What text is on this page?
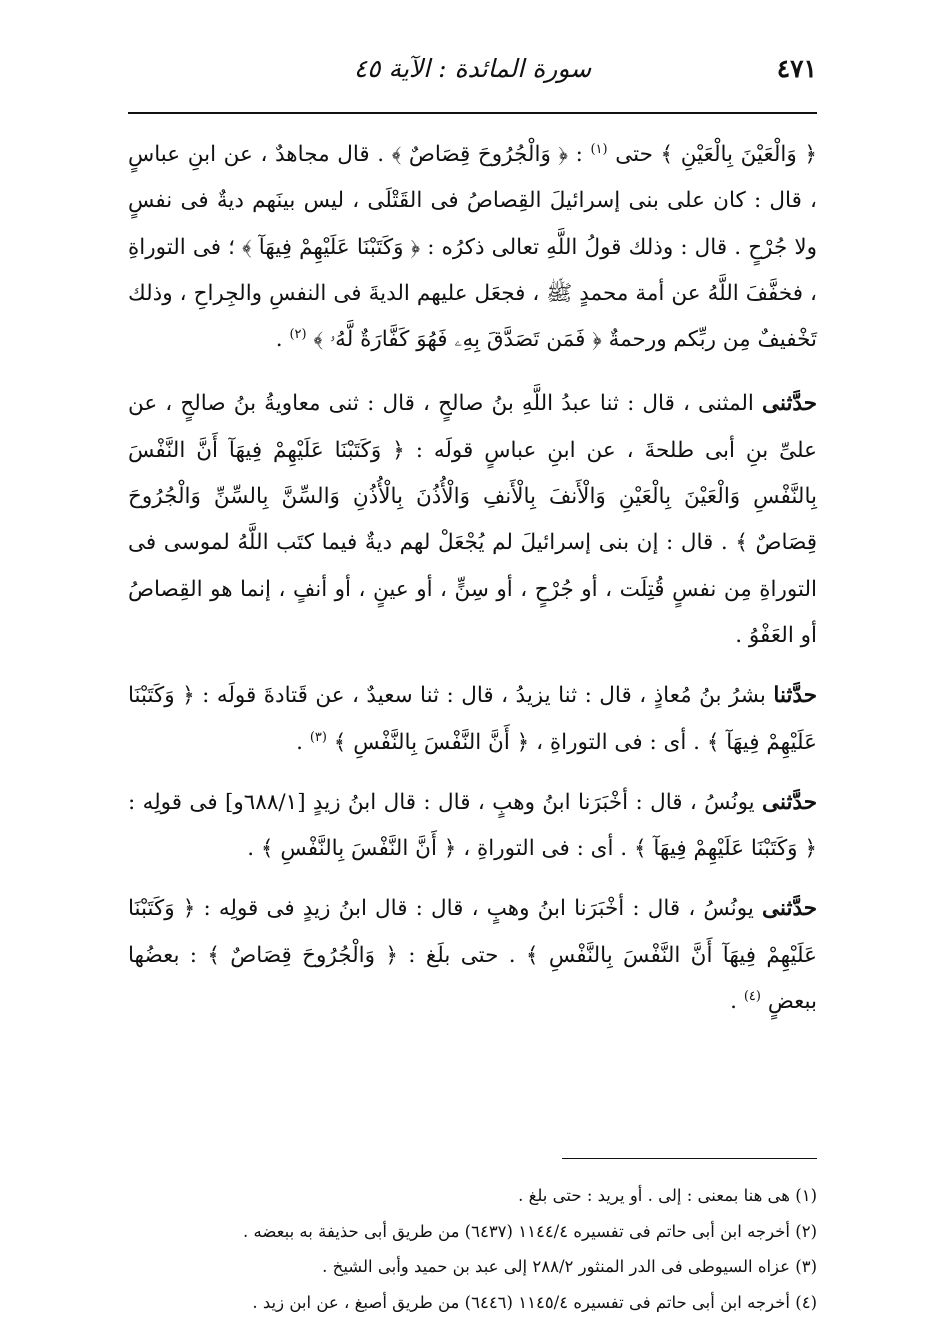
٤٧١
سورة المائدة : الآية ٤٥

﴿ وَالْعَيْنَ بِالْعَيْنِ ﴾ حتى $^{(١)}$ : ﴿ وَالْجُرُوحَ قِصَاصٌ ﴾ . قال مجاهدٌ ، عن ابنِ عباسٍ ، قال : كان على بنى إسرائيلَ القِصاصُ فى القَتْلَى ، ليس بينَهم ديةٌ فى نفسٍ ولا جُرْحٍ . قال : وذلك قولُ اللَّهِ تعالى ذكرُه : ﴿ وَكَتَبْنَا عَلَيْهِمْ فِيهَآ ﴾ ؛ فى التوراةِ ، فخفَّفَ اللَّهُ عن أمة محمدٍ ﷺ ، فجعَل عليهم الديةَ فى النفسِ والجِراحِ ، وذلك تَخْفيفٌ مِن ربِّكم ورحمةٌ ﴿ فَمَن تَصَدَّقَ بِهِۦ فَهُوَ كَفَّارَةٌ لَّهُۥ ﴾ $^{(٢)}$ .

حدَّثنى المثنى ، قال : ثنا عبدُ اللَّهِ بنُ صالحٍ ، قال : ثنى معاويةُ بنُ صالحٍ ، عن علىِّ بنِ أبى طلحةَ ، عن ابنِ عباسٍ قولَه : ﴿ وَكَتَبْنَا عَلَيْهِمْ فِيهَآ أَنَّ النَّفْسَ بِالنَّفْسِ وَالْعَيْنَ بِالْعَيْنِ وَالْأَنفَ بِالْأَنفِ وَالْأُذُنَ بِالْأُذُنِ وَالسِّنَّ بِالسِّنِّ وَالْجُرُوحَ قِصَاصٌ ﴾ . قال : إن بنى إسرائيلَ لم يُجْعَلْ لهم ديةٌ فيما كتَب اللَّهُ لموسى فى التوراةِ مِن نفسٍ قُتِلَت ، أو جُرْحٍ ، أو سِنٍّ ، أو عينٍ ، أو أنفٍ ، إنما هو القِصاصُ أو العَفْوُ .

حدَّثنا بشرُ بنُ مُعاذٍ ، قال : ثنا يزيدُ ، قال : ثنا سعيدٌ ، عن قَتادةَ قولَه : ﴿ وَكَتَبْنَا عَلَيْهِمْ فِيهَآ ﴾ . أى : فى التوراةِ ، ﴿ أَنَّ النَّفْسَ بِالنَّفْسِ ﴾ $^{(٣)}$ .

حدَّثنى يونُسُ ، قال : أخْبَرَنا ابنُ وهبٍ ، قال : قال ابنُ زيدٍ [٦٨٨/١و] فى قولِه : ﴿ وَكَتَبْنَا عَلَيْهِمْ فِيهَآ ﴾ . أى : فى التوراةِ ، ﴿ أَنَّ النَّفْسَ بِالنَّفْسِ ﴾ .

حدَّثنى يونُسُ ، قال : أخْبَرَنا ابنُ وهبٍ ، قال : قال ابنُ زيدٍ فى قولِه : ﴿ وَكَتَبْنَا عَلَيْهِمْ فِيهَآ أَنَّ النَّفْسَ بِالنَّفْسِ ﴾ . حتى بلَغ : ﴿ وَالْجُرُوحَ قِصَاصٌ ﴾ : بعضُها ببعضٍ $^{(٤)}$ .

(١) هى هنا بمعنى : إلى . أو يريد : حتى بلغ .

(٢) أخرجه ابن أبى حاتم فى تفسيره ١١٤٤/٤ (٦٤٣٧) من طريق أبى حذيفة به ببعضه .

(٣) عزاه السيوطى فى الدر المنثور ٢٨٨/٢ إلى عبد بن حميد وأبى الشيخ .

(٤) أخرجه ابن أبى حاتم فى تفسيره ١١٤٥/٤ (٦٤٤٦) من طريق أصبغ ، عن ابن زيد .
